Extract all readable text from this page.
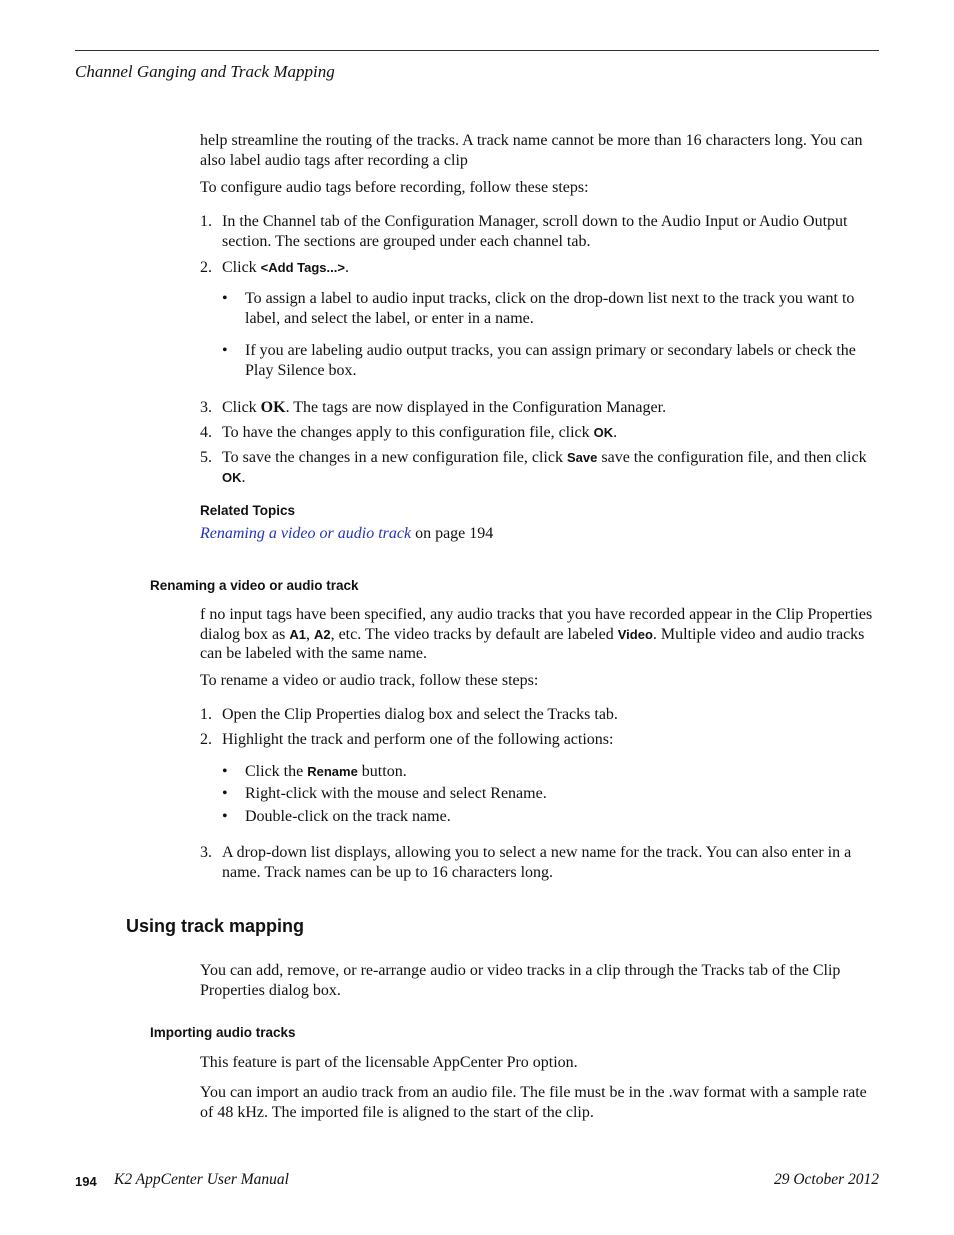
Channel Ganging and Track Mapping

help streamline the routing of the tracks. A track name cannot be more than 16 characters long. You can also label audio tags after recording a clip

To configure audio tags before recording, follow these steps:

1. In the Channel tab of the Configuration Manager, scroll down to the Audio Input or Audio Output section. The sections are grouped under each channel tab.
2. Click <Add Tags...>.
• To assign a label to audio input tracks, click on the drop-down list next to the track you want to label, and select the label, or enter in a name.
• If you are labeling audio output tracks, you can assign primary or secondary labels or check the Play Silence box.
3. Click OK. The tags are now displayed in the Configuration Manager.
4. To have the changes apply to this configuration file, click OK.
5. To save the changes in a new configuration file, click Save save the configuration file, and then click OK.
Related Topics
Renaming a video or audio track on page 194
Renaming a video or audio track

f no input tags have been specified, any audio tracks that you have recorded appear in the Clip Properties dialog box as A1, A2, etc. The video tracks by default are labeled Video. Multiple video and audio tracks can be labeled with the same name.

To rename a video or audio track, follow these steps:

1. Open the Clip Properties dialog box and select the Tracks tab.
2. Highlight the track and perform one of the following actions:
• Click the Rename button.
• Right-click with the mouse and select Rename.
• Double-click on the track name.
3. A drop-down list displays, allowing you to select a new name for the track. You can also enter in a name. Track names can be up to 16 characters long.
Using track mapping

You can add, remove, or re-arrange audio or video tracks in a clip through the Tracks tab of the Clip Properties dialog box.

Importing audio tracks

This feature is part of the licensable AppCenter Pro option.

You can import an audio track from an audio file. The file must be in the .wav format with a sample rate of 48 kHz. The imported file is aligned to the start of the clip.

194 K2 AppCenter User Manual	29 October 2012
